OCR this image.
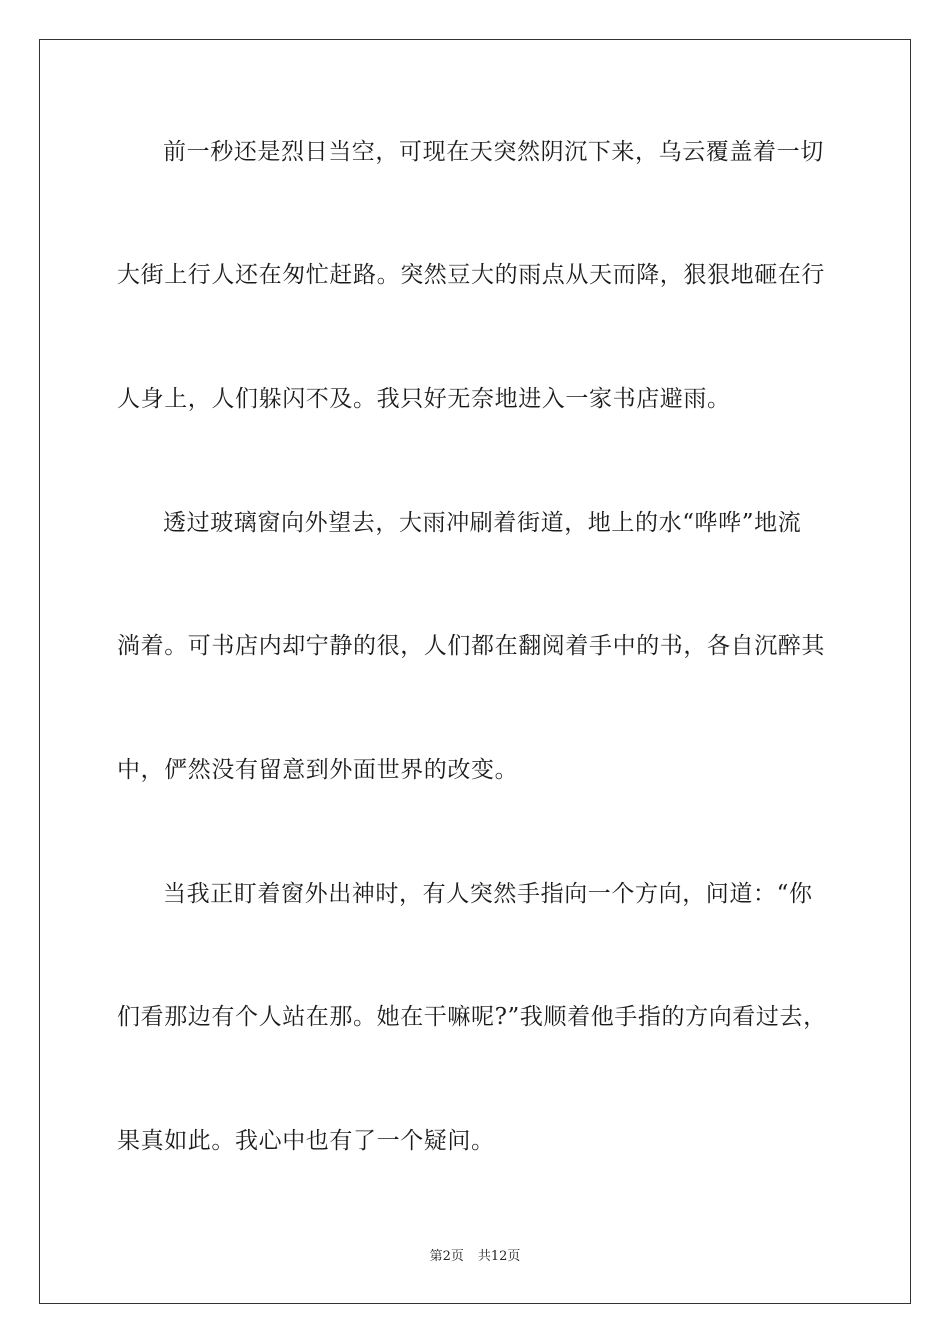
前一秒还是烈日当空，可现在天突然阴沉下来，乌云覆盖着一切
大街上行人还在匆忙赶路。突然豆大的雨点从天而降，狠狠地砸在行
人身上，人们躲闪不及。我只好无奈地进入一家书店避雨。
透过玻璃窗向外望去，大雨冲刷着街道，地上的水“哗哗”地流
淌着。可书店内却宁静的很，人们都在翻阅着手中的书，各自沉醉其
中，俨然没有留意到外面世界的改变。
当我正盯着窗外出神时，有人突然手指向一个方向，问道：“你
们看那边有个人站在那。她在干嘛呢?”我顺着他手指的方向看过去，
果真如此。我心中也有了一个疑问。
第2页 共12页
